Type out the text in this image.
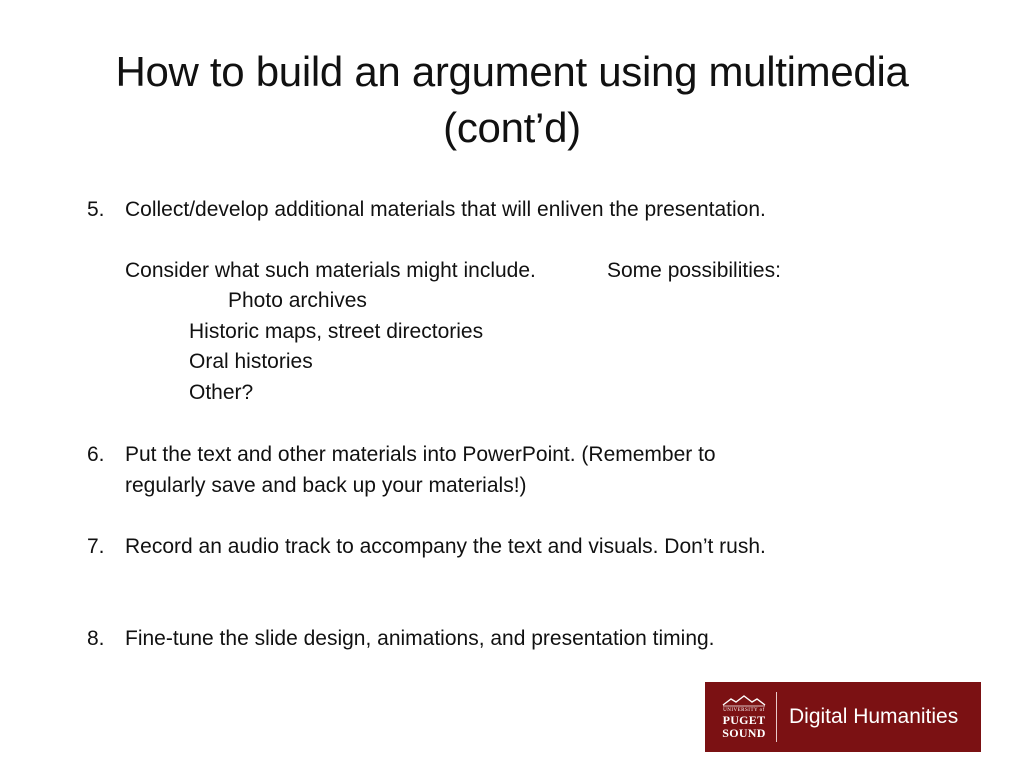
How to build an argument using multimedia
(cont’d)
5. Collect/develop additional materials that will enliven the presentation.
Consider what such materials might include.	Some possibilities:
Photo archives
Historic maps, street directories
Oral histories
Other?
6. Put the text and other materials into PowerPoint. (Remember to
regularly save and back up your materials!)
7. Record an audio track to accompany the text and visuals. Don’t rush.
8. Fine-tune the slide design, animations, and presentation timing.
UNIVERSITY of
PUGET
SOUND
Digital Humanities
